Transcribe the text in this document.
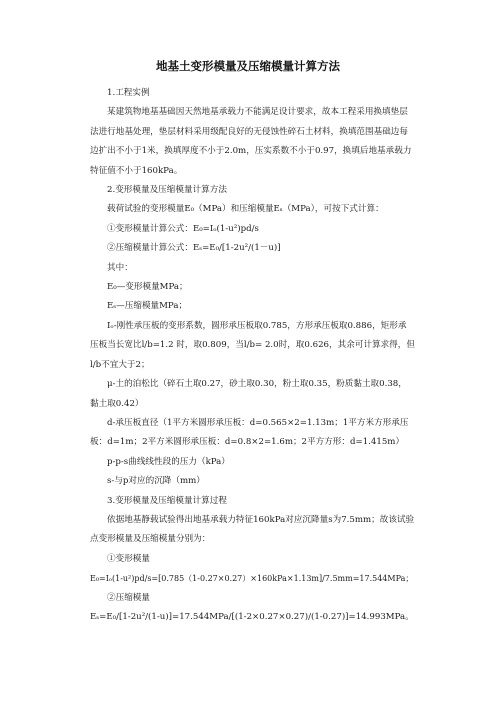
地基土变形模量及压缩模量计算方法

1.工程实例

某建筑物地基基础因天然地基承载力不能满足设计要求，故本工程采用换填垫层法进行地基处理，垫层材料采用级配良好的无侵蚀性碎石土材料，换填范围基础边每边扩出不小于1米，换填厚度不小于2.0m，压实系数不小于0.97，换填后地基承载力特征值不小于160kPa。

2.变形模量及压缩模量计算方法

载荷试验的变形模量E₀（MPa）和压缩模量Eₛ（MPa），可按下式计算：

①变形模量计算公式：E₀=Iₒ(1-u²)pd/s

②压缩模量计算公式：Eₛ=E₀/[1-2u²/(1－u)]

其中：

E₀—变形模量MPa；

Eₛ—压缩模量MPa；

Iₒ-刚性承压板的变形系数，圆形承压板取0.785，方形承压板取0.886，矩形承压板当长宽比l/b=1.2 时，取0.809，当l/b= 2.0时，取0.626，其余可计算求得，但l/b不宜大于2；

μ-土的泊松比（碎石土取0.27，砂土取0.30，粉土取0.35，粉质黏土取0.38，黏土取0.42）

d-承压板直径（1平方米圆形承压板：d=0.565×2=1.13m；1平方米方形承压板：d=1m；2平方米圆形承压板：d=0.8×2=1.6m；2平方方形：d=1.415m）

p-p-s曲线线性段的压力（kPa）

s-与p对应的沉降（mm）

3.变形模量及压缩模量计算过程

依据地基静载试验得出地基承载力特征160kPa对应沉降量s为7.5mm；故该试验点变形模量及压缩模量分别为：

①变形模量

E₀=Iₒ(1-u²)pd/s=[0.785（1-0.27×0.27）×160kPa×1.13m]/7.5mm=17.544MPa；

②压缩模量

Eₛ=E₀/[1-2u²/(1-u)]=17.544MPa/[(1-2×0.27×0.27)/(1-0.27)]=14.993MPa。
